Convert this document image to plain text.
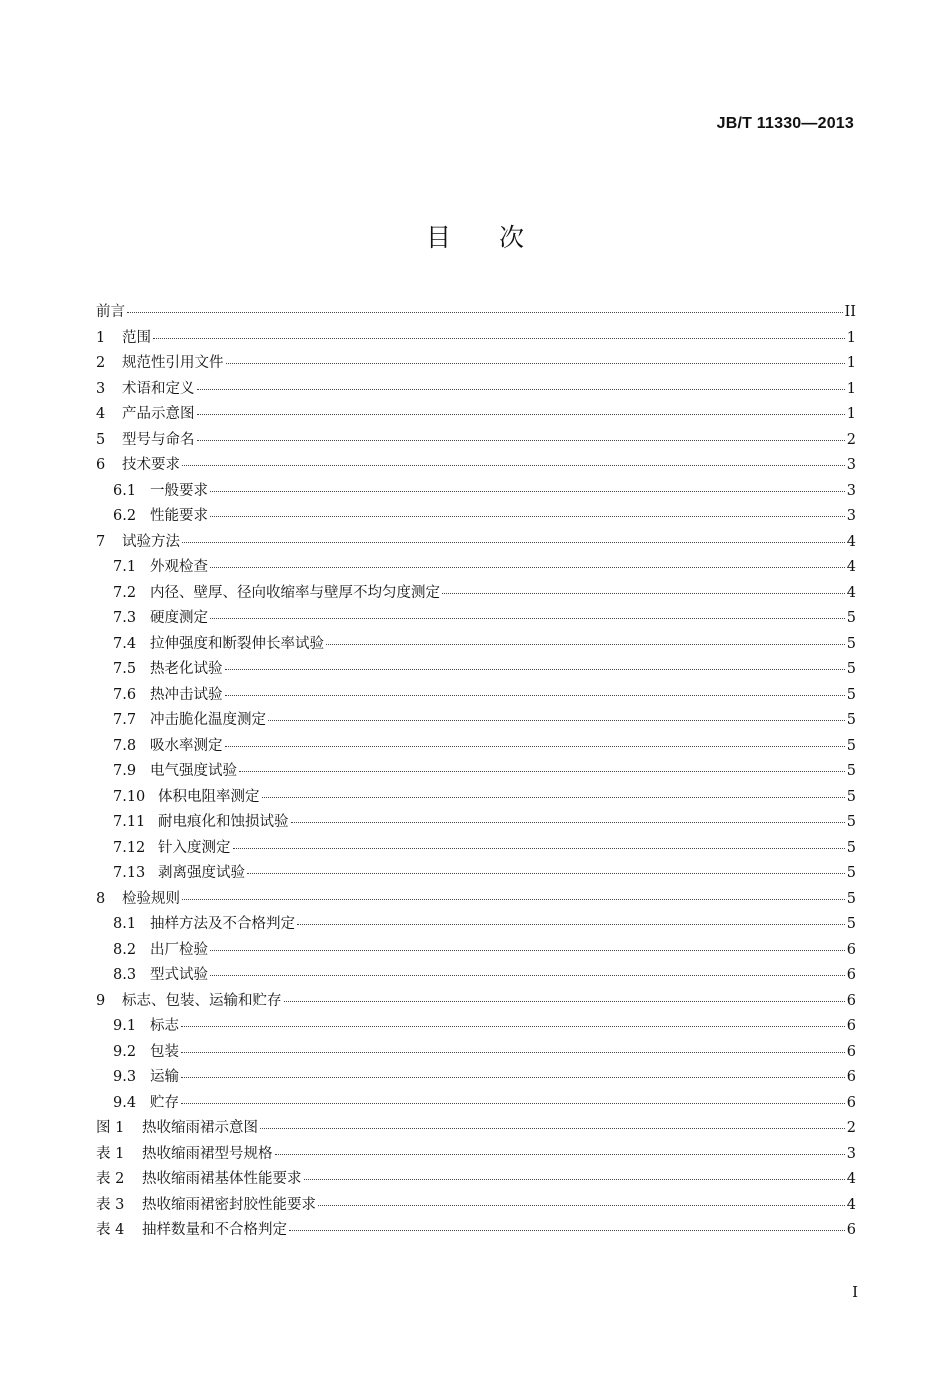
JB/T 11330—2013
目次
前言	II
1	范围	1
2	规范性引用文件	1
3	术语和定义	1
4	产品示意图	1
5	型号与命名	2
6	技术要求	3
6.1 一般要求	3
6.2 性能要求	3
7	试验方法	4
7.1 外观检查	4
7.2 内径、壁厚、径向收缩率与壁厚不均匀度测定	4
7.3 硬度测定	5
7.4 拉伸强度和断裂伸长率试验	5
7.5 热老化试验	5
7.6 热冲击试验	5
7.7 冲击脆化温度测定	5
7.8 吸水率测定	5
7.9 电气强度试验	5
7.10 体积电阻率测定	5
7.11 耐电痕化和蚀损试验	5
7.12 针入度测定	5
7.13 剥离强度试验	5
8	检验规则	5
8.1 抽样方法及不合格判定	5
8.2 出厂检验	6
8.3 型式试验	6
9	标志、包装、运输和贮存	6
9.1 标志	6
9.2 包装	6
9.3 运输	6
9.4 贮存	6
图 1	热收缩雨裙示意图	2
表 1	热收缩雨裙型号规格	3
表 2	热收缩雨裙基体性能要求	4
表 3	热收缩雨裙密封胶性能要求	4
表 4	抽样数量和不合格判定	6
I
